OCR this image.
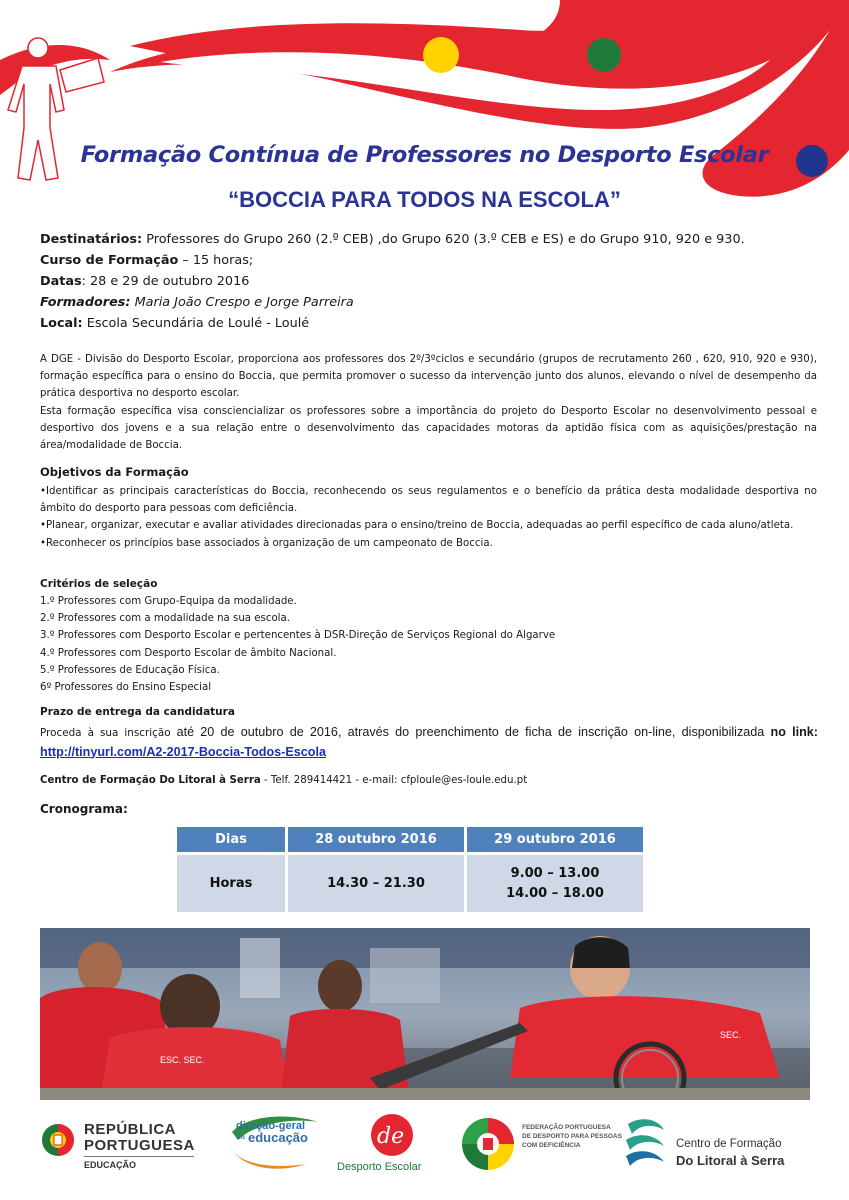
Formação Contínua de Professores no Desporto Escolar
“BOCCIA PARA TODOS NA ESCOLA”
Destinatários: Professores do Grupo 260 (2.º CEB) ,do Grupo 620 (3.º CEB e ES) e do Grupo 910, 920 e 930.
Curso de Formação – 15 horas;
Datas: 28 e 29 de outubro 2016
Formadores: Maria João Crespo e Jorge Parreira
Local: Escola Secundária de Loulé - Loulé
A DGE - Divisão do Desporto Escolar, proporciona aos professores dos 2º/3ºciclos e secundário (grupos de recrutamento 260 , 620, 910, 920 e 930), formação específica para o ensino do Boccia, que permita promover o sucesso da intervenção junto dos alunos, elevando o nível de desempenho da prática desportiva no desporto escolar.
Esta formação específica visa consciencializar os professores sobre a importância do projeto do Desporto Escolar no desenvolvimento pessoal e desportivo dos jovens e a sua relação entre o desenvolvimento das capacidades motoras da aptidão física com as aquisições/prestação na área/modalidade de Boccia.
Objetivos da Formação
•Identificar as principais características do Boccia, reconhecendo os seus regulamentos e o benefício da prática desta modalidade desportiva no âmbito do desporto para pessoas com deficiência.
•Planear, organizar, executar e avaliar atividades direcionadas para o ensino/treino de Boccia, adequadas ao perfil específico de cada aluno/atleta.
•Reconhecer os princípios base associados à organização de um campeonato de Boccia.
Critérios de seleção
1.º Professores com Grupo-Equipa da modalidade.
2.º Professores com a modalidade na sua escola.
3.º Professores com Desporto Escolar e pertencentes à DSR-Direção de Serviços Regional do Algarve
4.º Professores com Desporto Escolar de âmbito Nacional.
5.º Professores de Educação Física.
6º Professores do Ensino Especial
Prazo de entrega da candidatura
Proceda à sua inscrição até 20 de outubro de 2016, através do preenchimento de ficha de inscrição on-line, disponibilizada no link: http://tinyurl.com/A2-2017-Boccia-Todos-Escola
Centro de Formação Do Litoral à Serra - Telf. 289414421 - e-mail: cfploule@es-loule.edu.pt
Cronograma:
Dias	28 outubro 2016	29 outubro 2016
Horas	14.30 – 21.30	9.00 – 13.00
14.00 – 18.00
ESC. SEC.
SEC.
REPÚBLICA
PORTUGUESA
EDUCAÇÃO
direção-geral
da educação	de
Desporto Escolar
FEDERAÇÃO PORTUGUESA
DE DESPORTO PARA PESSOAS
COM DEFICIÊNCIA	Centro de Formação
Do Litoral à Serra
